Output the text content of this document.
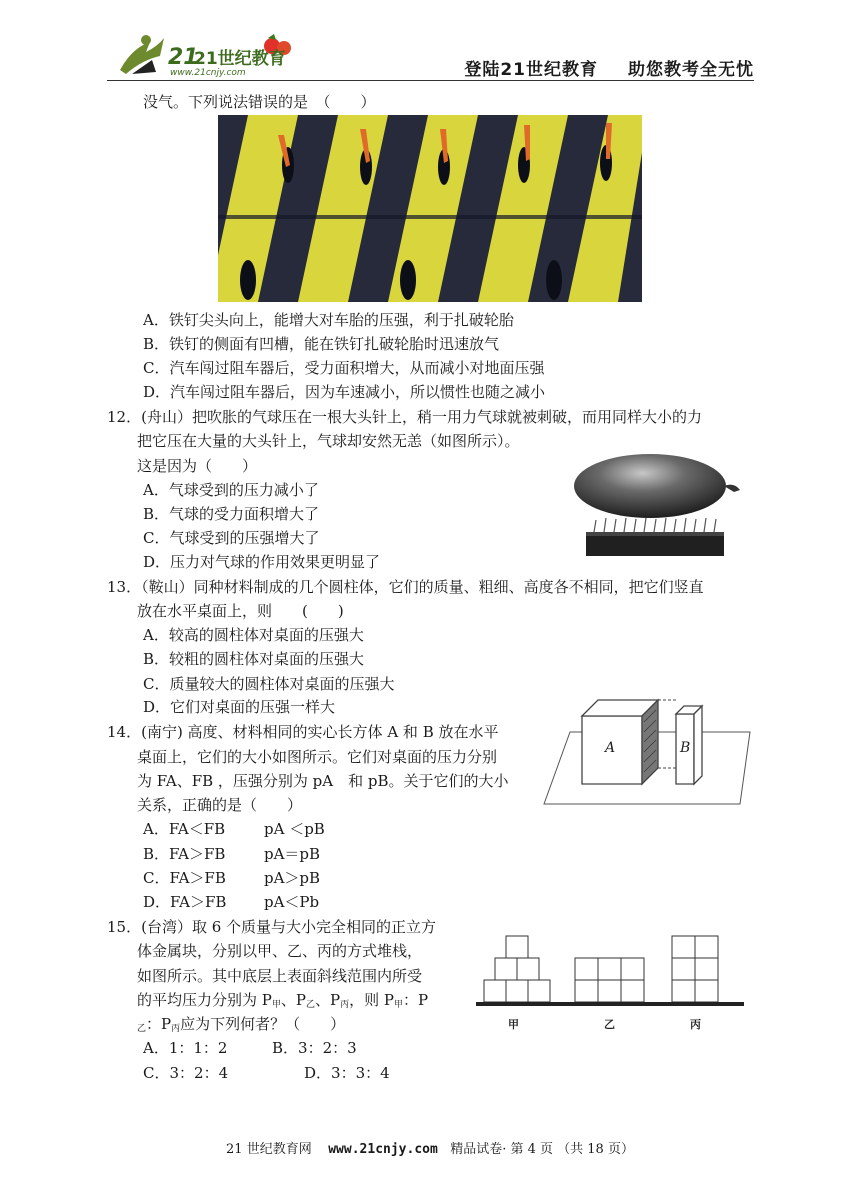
21
21世纪教育
www.21cnjy.com	登陆21世纪教育 助您教考全无忧
没气。下列说法错误的是　（　　）
A．铁钉尖头向上，能增大对车胎的压强，利于扎破轮胎
B．铁钉的侧面有凹槽，能在铁钉扎破轮胎时迅速放气
C．汽车闯过阻车器后，受力面积增大，从而减小对地面压强
D．汽车闯过阻车器后，因为车速减小，所以惯性也随之减小
12．(舟山）把吹胀的气球压在一根大头针上，稍一用力气球就被刺破，而用同样大小的力
把它压在大量的大头针上，气球却安然无恙（如图所示）。
这是因为（　　）
A．气球受到的压力减小了
B．气球的受力面积增大了
C．气球受到的压强增大了
D．压力对气球的作用效果更明显了
13．（鞍山）同种材料制成的几个圆柱体，它们的质量、粗细、高度各不相同，把它们竖直
放在水平桌面上，则　　(　　)
A．较高的圆柱体对桌面的压强大
B．较粗的圆柱体对桌面的压强大
C．质量较大的圆柱体对桌面的压强大
D．它们对桌面的压强一样大
14．(南宁) 高度、材料相同的实心长方体 A 和 B 放在水平
桌面上，它们的大小如图所示。它们对桌面的压力分别
为 FA、FB ，压强分别为 pA　和 pB。关于它们的大小
关系，正确的是（　　）
A．FA＜FB	pA ＜pB
B．FA＞FB	pA＝pB
C．FA＞FB	pA＞pB
D．FA＞FB	pA＜Pb
A	B
15．(台湾）取 6 个质量与大小完全相同的正立方
体金属块，分别以甲、乙、丙的方式堆栈，
如图所示。其中底层上表面斜线范围内所受
的平均压力分别为 $P_甲$、$P_乙$、$P_丙$，则 $P_甲$：P
$_乙$：$P_丙$应为下列何者？（　　）
A．1：1：2	B．3：2：3
C．3：2：4	D．3：3：4
甲	乙	丙
21 世纪教育网 www.21cnjy.com 精品试卷· 第 4 页 （共 18 页）
